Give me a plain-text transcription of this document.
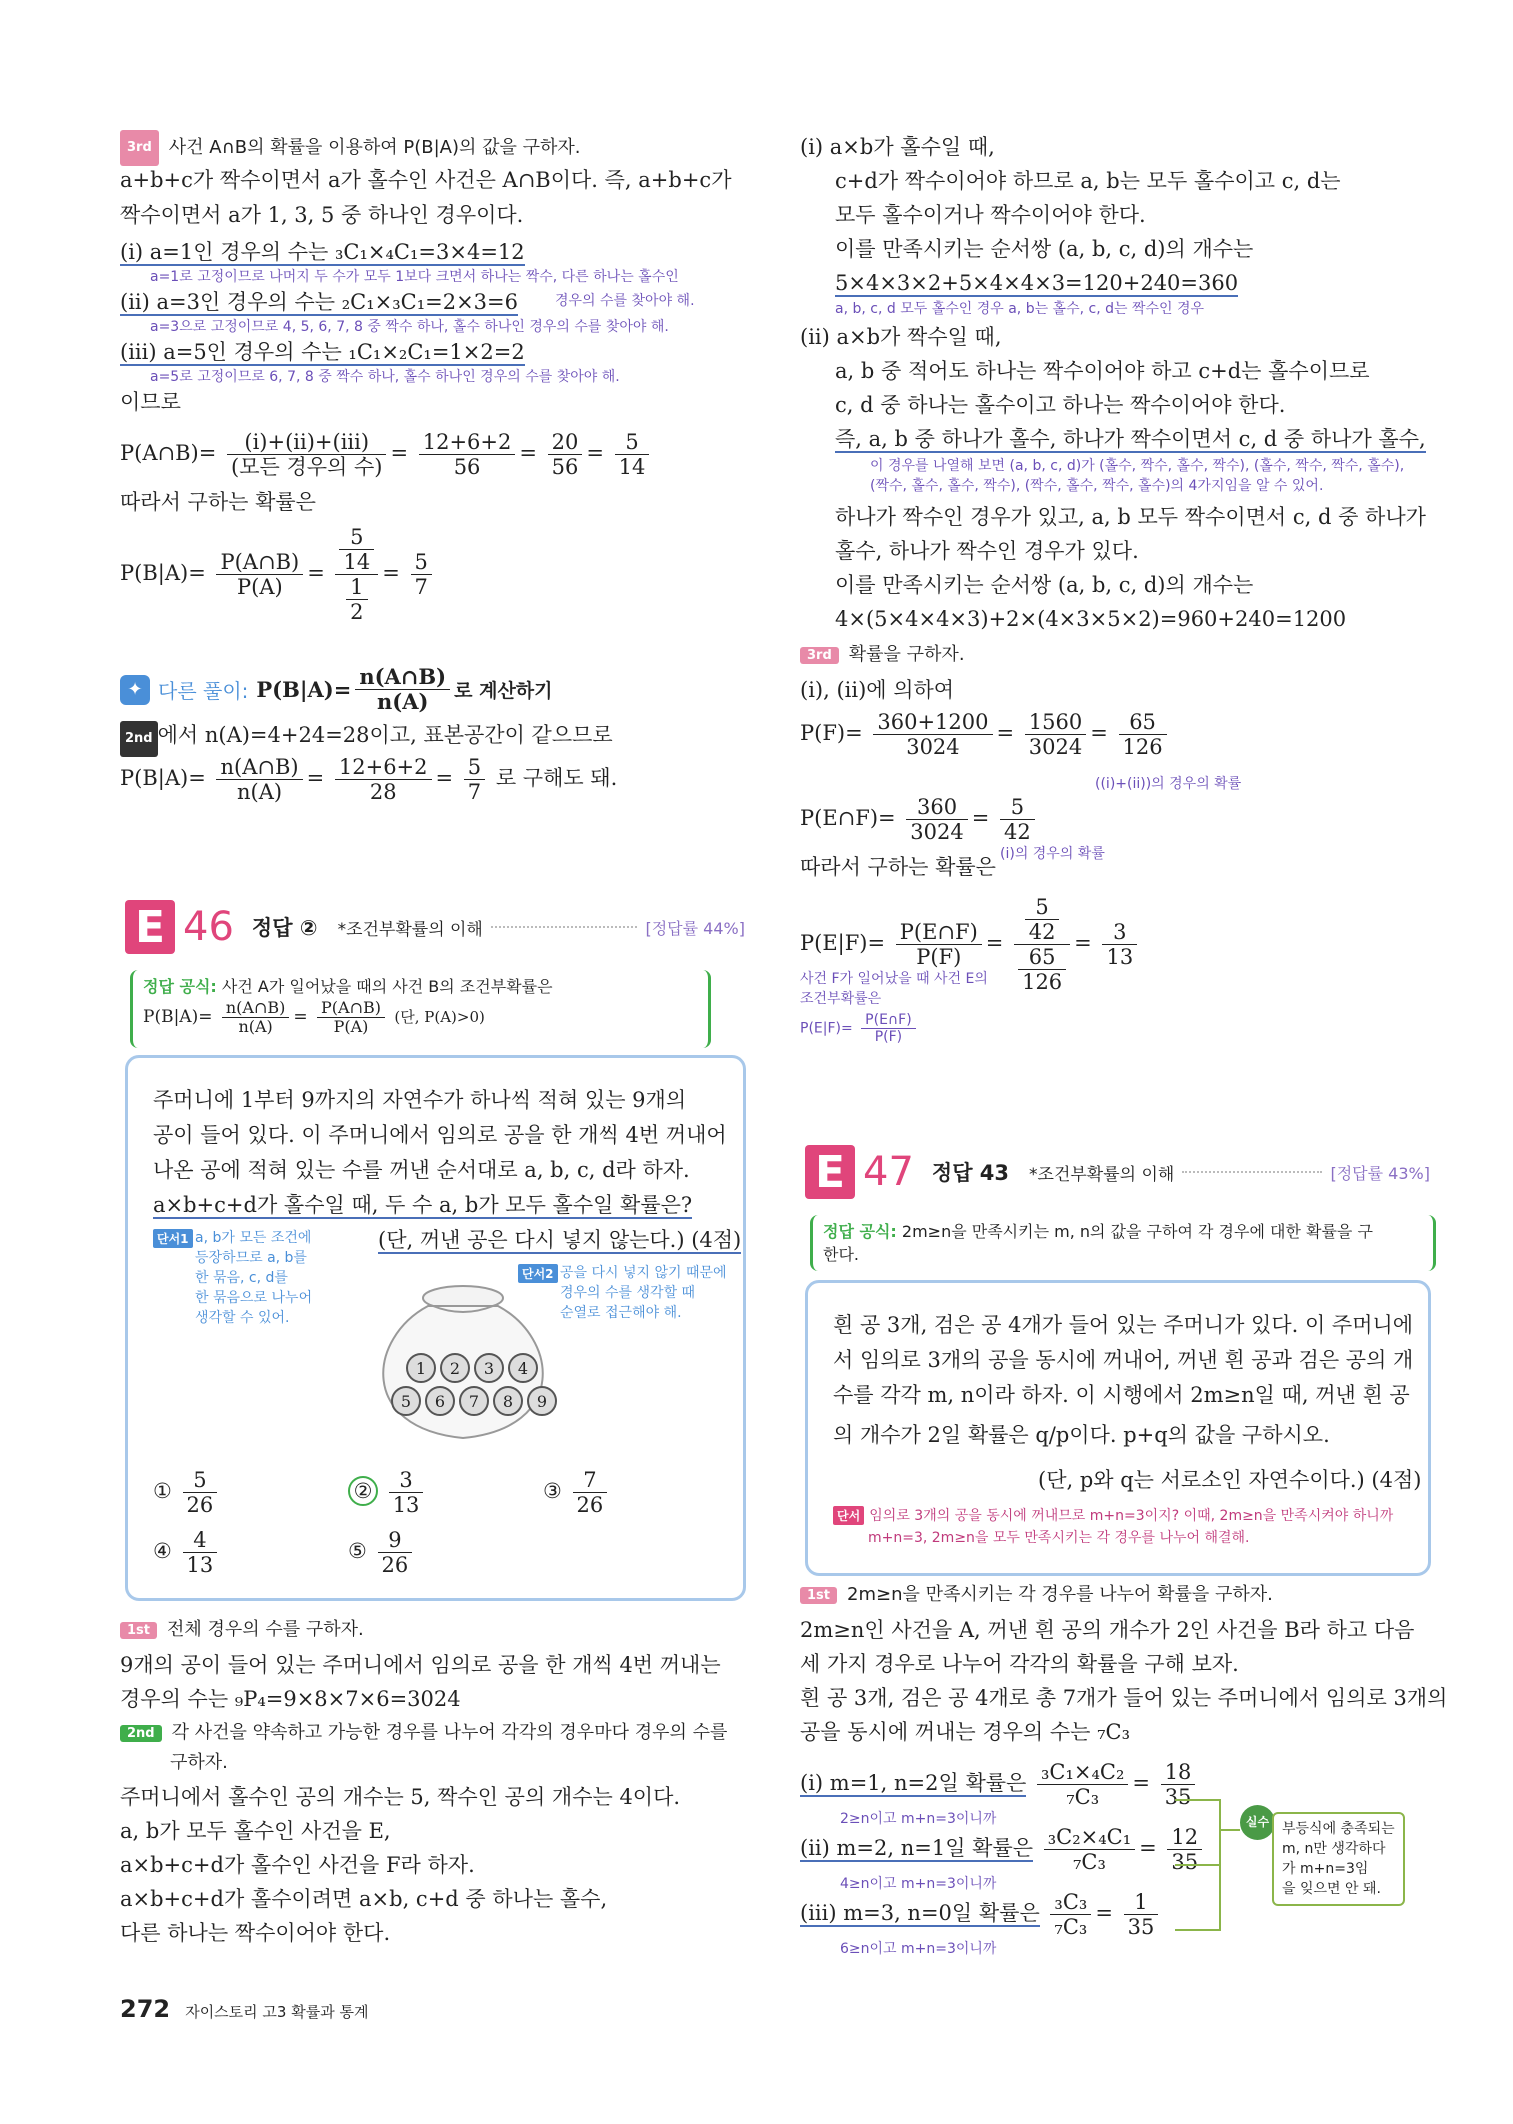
3rd 사건 A∩B의 확률을 이용하여 P(B|A)의 값을 구하자.
a+b+c가 짝수이면서 a가 홀수인 사건은 A∩B이다. 즉, a+b+c가
짝수이면서 a가 1, 3, 5 중 하나인 경우이다.
(i) a=1인 경우의 수는 ₃C₁×₄C₁=3×4=12
a=1로 고정이므로 나머지 두 수가 모두 1보다 크면서 하나는 짝수, 다른 하나는 홀수인
(ii) a=3인 경우의 수는 ₂C₁×₃C₁=2×3=6	경우의 수를 찾아야 해.
a=3으로 고정이므로 4, 5, 6, 7, 8 중 짝수 하나, 홀수 하나인 경우의 수를 찾아야 해.
(iii) a=5인 경우의 수는 ₁C₁×₂C₁=1×2=2
a=5로 고정이므로 6, 7, 8 중 짝수 하나, 홀수 하나인 경우의 수를 찾아야 해.
이므로
P(A∩B)= $\frac{\text{(i)+(ii)+(iii)}}{\text{(모든 경우의 수)}} = \frac{12+6+2}{56} = \frac{20}{56} = \frac{5}{14}$
따라서 구하는 확률은
$P(B|A)= \frac{P(A\cap B)}{P(A)} = \frac{\frac{5}{14}}{\frac{1}{2}} = \frac{5}{7}$
✦ 다른 풀이: $P(B|A)= \frac{n(A\cap B)}{n(A)}$ 로 계산하기
2nd 에서 n(A)=4+24=28이고, 표본공간이 같으므로
$P(B|A)= \frac{n(A\cap B)}{n(A)} = \frac{12+6+2}{28} = \frac{5}{7}$ 로 구해도 돼.
E 46 정답 ② *조건부확률의 이해	[정답률 44%]
정답 공식: 사건 A가 일어났을 때의 사건 B의 조건부확률은
$P(B|A)= \frac{n(A\cap B)}{n(A)} = \frac{P(A\cap B)}{P(A)}$ (단, P(A)>0)
주머니에 1부터 9까지의 자연수가 하나씩 적혀 있는 9개의
공이 들어 있다. 이 주머니에서 임의로 공을 한 개씩 4번 꺼내어
나온 공에 적혀 있는 수를 꺼낸 순서대로 a, b, c, d라 하자.
a×b+c+d가 홀수일 때, 두 수 a, b가 모두 홀수일 확률은?
(단, 꺼낸 공은 다시 넣지 않는다.) (4점)
단서1 a, b가 모든 조건에
등장하므로 a, b를
한 묶음, c, d를
한 묶음으로 나누어
생각할 수 있어.
단서2 공을 다시 넣지 않기 때문에
경우의 수를 생각할 때
순열로 접근해야 해.
1	2	3	4
5	6	7	8	9
① $\frac{5}{26}$	② $\frac{3}{13}$	③ $\frac{7}{26}$
④ $\frac{4}{13}$	⑤ $\frac{9}{26}$
1st 전체 경우의 수를 구하자.
9개의 공이 들어 있는 주머니에서 임의로 공을 한 개씩 4번 꺼내는
경우의 수는 ₉P₄=9×8×7×6=3024
2nd 각 사건을 약속하고 가능한 경우를 나누어 각각의 경우마다 경우의 수를
구하자.
주머니에서 홀수인 공의 개수는 5, 짝수인 공의 개수는 4이다.
a, b가 모두 홀수인 사건을 E,
a×b+c+d가 홀수인 사건을 F라 하자.
a×b+c+d가 홀수이려면 a×b, c+d 중 하나는 홀수,
다른 하나는 짝수이어야 한다.
(i) a×b가 홀수일 때,
c+d가 짝수이어야 하므로 a, b는 모두 홀수이고 c, d는
모두 홀수이거나 짝수이어야 한다.
이를 만족시키는 순서쌍 (a, b, c, d)의 개수는
5×4×3×2+5×4×4×3=120+240=360
a, b, c, d 모두 홀수인 경우 a, b는 홀수, c, d는 짝수인 경우
(ii) a×b가 짝수일 때,
a, b 중 적어도 하나는 짝수이어야 하고 c+d는 홀수이므로
c, d 중 하나는 홀수이고 하나는 짝수이어야 한다.
즉, a, b 중 하나가 홀수, 하나가 짝수이면서 c, d 중 하나가 홀수,
이 경우를 나열해 보면 (a, b, c, d)가 (홀수, 짝수, 홀수, 짝수), (홀수, 짝수, 짝수, 홀수),
(짝수, 홀수, 홀수, 짝수), (짝수, 홀수, 짝수, 홀수)의 4가지임을 알 수 있어.
하나가 짝수인 경우가 있고, a, b 모두 짝수이면서 c, d 중 하나가
홀수, 하나가 짝수인 경우가 있다.
이를 만족시키는 순서쌍 (a, b, c, d)의 개수는
4×(5×4×4×3)+2×(4×3×5×2)=960+240=1200
3rd 확률을 구하자.
(i), (ii)에 의하여
$P(F)= \frac{360+1200}{3024} = \frac{1560}{3024} = \frac{65}{126}$
((i)+(ii))의 경우의 확률
P(E∩F)= $\frac{360}{3024} = \frac{5}{42}$
(i)의 경우의 확률
따라서 구하는 확률은
$P(E|F)= \frac{P(E\cap F)}{P(F)} = \frac{\frac{5}{42}}{\frac{65}{126}} = \frac{3}{13}$
사건 F가 일어났을 때 사건 E의
조건부확률은
$P(E|F)= \frac{P(E\cap F)}{P(F)}$
E 47 정답 43 *조건부확률의 이해	[정답률 43%]
정답 공식: 2m≥n을 만족시키는 m, n의 값을 구하여 각 경우에 대한 확률을 구
한다.
흰 공 3개, 검은 공 4개가 들어 있는 주머니가 있다. 이 주머니에
서 임의로 3개의 공을 동시에 꺼내어, 꺼낸 흰 공과 검은 공의 개
수를 각각 m, n이라 하자. 이 시행에서 2m≥n일 때, 꺼낸 흰 공
의 개수가 2일 확률은 q/p이다. p+q의 값을 구하시오.
(단, p와 q는 서로소인 자연수이다.) (4점)
단서 임의로 3개의 공을 동시에 꺼내므로 m+n=3이지? 이때, 2m≥n을 만족시켜야 하니까
m+n=3, 2m≥n을 모두 만족시키는 각 경우를 나누어 해결해.
1st 2m≥n을 만족시키는 각 경우를 나누어 확률을 구하자.
2m≥n인 사건을 A, 꺼낸 흰 공의 개수가 2인 사건을 B라 하고 다음
세 가지 경우로 나누어 각각의 확률을 구해 보자.
흰 공 3개, 검은 공 4개로 총 7개가 들어 있는 주머니에서 임의로 3개의
공을 동시에 꺼내는 경우의 수는 ₇C₃
(i) m=1, n=2일 확률은 $\frac{\text{₃C₁×₄C₂}}{\text{₇C₃}} = \frac{18}{35}$
2≥n이고 m+n=3이니까
(ii) m=2, n=1일 확률은 $\frac{\text{₃C₂×₄C₁}}{\text{₇C₃}} = \frac{12}{35}$
4≥n이고 m+n=3이니까
(iii) m=3, n=0일 확률은 $\frac{\text{₃C₃}}{\text{₇C₃}} = \frac{1}{35}$
6≥n이고 m+n=3이니까
실수 부등식에 충족되는
m, n만 생각하다
가 m+n=3임
을 잊으면 안 돼.
272 자이스토리 고3 확률과 통계
